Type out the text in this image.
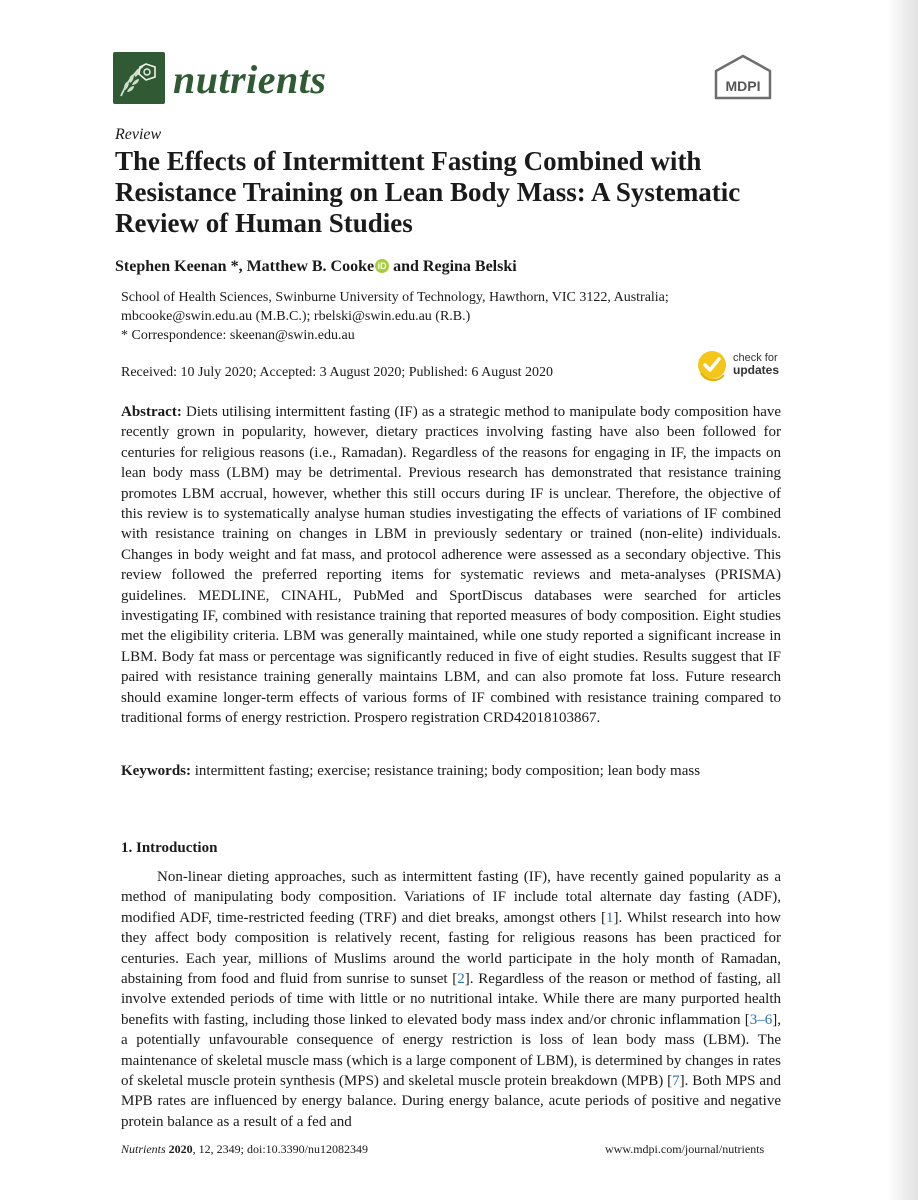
nutrients	MDPI
Review
The Effects of Intermittent Fasting Combined with Resistance Training on Lean Body Mass: A Systematic Review of Human Studies
Stephen Keenan *, Matthew B. Cooke iD and Regina Belski
School of Health Sciences, Swinburne University of Technology, Hawthorn, VIC 3122, Australia;
mbcooke@swin.edu.au (M.B.C.); rbelski@swin.edu.au (R.B.)
* Correspondence: skeenan@swin.edu.au
Received: 10 July 2020; Accepted: 3 August 2020; Published: 6 August 2020
check for
updates

Abstract: Diets utilising intermittent fasting (IF) as a strategic method to manipulate body composition have recently grown in popularity, however, dietary practices involving fasting have also been followed for centuries for religious reasons (i.e., Ramadan). Regardless of the reasons for engaging in IF, the impacts on lean body mass (LBM) may be detrimental. Previous research has demonstrated that resistance training promotes LBM accrual, however, whether this still occurs during IF is unclear. Therefore, the objective of this review is to systematically analyse human studies investigating the effects of variations of IF combined with resistance training on changes in LBM in previously sedentary or trained (non-elite) individuals. Changes in body weight and fat mass, and protocol adherence were assessed as a secondary objective. This review followed the preferred reporting items for systematic reviews and meta-analyses (PRISMA) guidelines. MEDLINE, CINAHL, PubMed and SportDiscus databases were searched for articles investigating IF, combined with resistance training that reported measures of body composition. Eight studies met the eligibility criteria. LBM was generally maintained, while one study reported a significant increase in LBM. Body fat mass or percentage was significantly reduced in five of eight studies. Results suggest that IF paired with resistance training generally maintains LBM, and can also promote fat loss. Future research should examine longer-term effects of various forms of IF combined with resistance training compared to traditional forms of energy restriction. Prospero registration CRD42018103867.

Keywords: intermittent fasting; exercise; resistance training; body composition; lean body mass
1. Introduction

Non-linear dieting approaches, such as intermittent fasting (IF), have recently gained popularity as a method of manipulating body composition. Variations of IF include total alternate day fasting (ADF), modified ADF, time-restricted feeding (TRF) and diet breaks, amongst others [1]. Whilst research into how they affect body composition is relatively recent, fasting for religious reasons has been practiced for centuries. Each year, millions of Muslims around the world participate in the holy month of Ramadan, abstaining from food and fluid from sunrise to sunset [2]. Regardless of the reason or method of fasting, all involve extended periods of time with little or no nutritional intake. While there are many purported health benefits with fasting, including those linked to elevated body mass index and/or chronic inflammation [3–6], a potentially unfavourable consequence of energy restriction is loss of lean body mass (LBM). The maintenance of skeletal muscle mass (which is a large component of LBM), is determined by changes in rates of skeletal muscle protein synthesis (MPS) and skeletal muscle protein breakdown (MPB) [7]. Both MPS and MPB rates are influenced by energy balance. During energy balance, acute periods of positive and negative protein balance as a result of a fed and

Nutrients 2020, 12, 2349; doi:10.3390/nu12082349	www.mdpi.com/journal/nutrients
